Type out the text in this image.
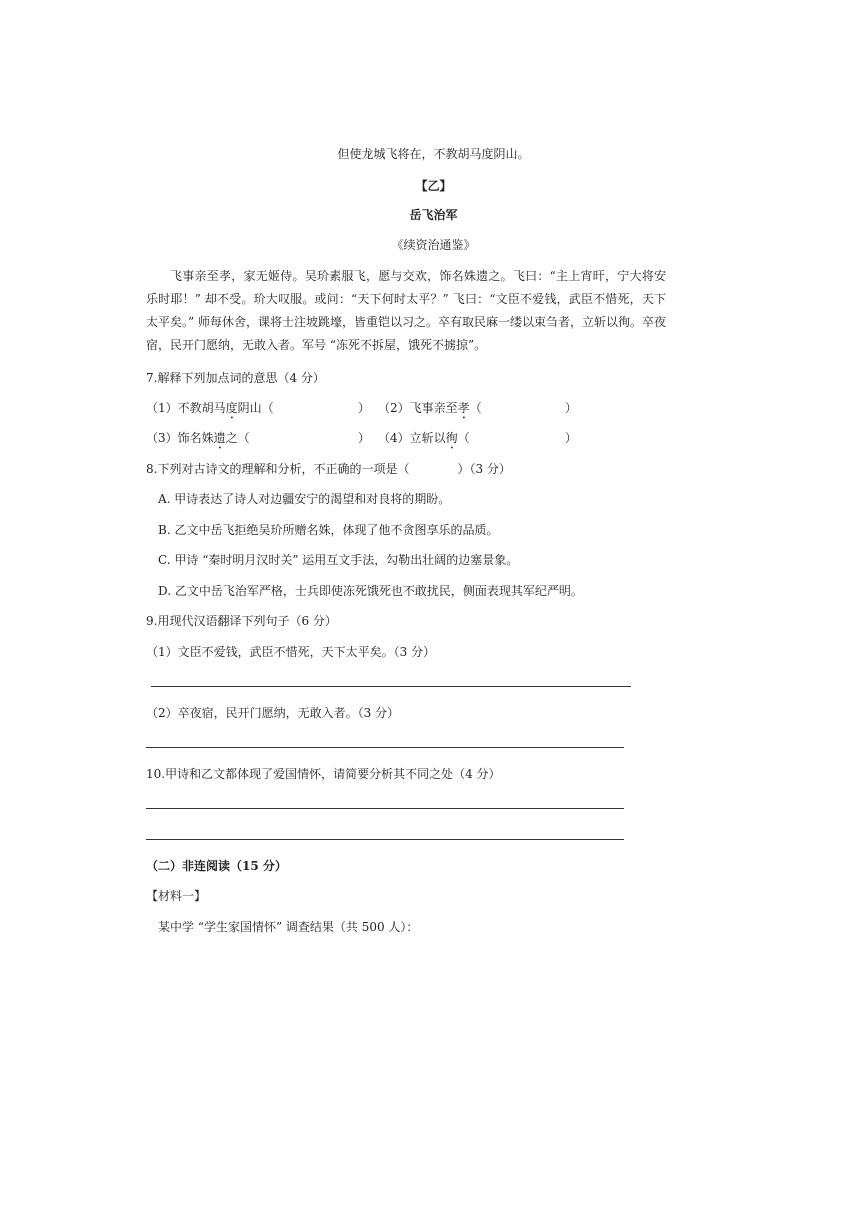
但使龙城飞将在，不教胡马度阴山。
【乙】
岳飞治军
《续资治通鉴》
飞事亲至孝，家无姬侍。吴玠素服飞，愿与交欢，饰名姝遗之。飞曰：“主上宵旰，宁大将安乐时耶！” 却不受。玠大叹服。或问：“天下何时太平？” 飞曰：“文臣不爱钱，武臣不惜死，天下太平矣。” 师每休舍，课将士注坡跳壕，皆重铠以习之。卒有取民麻一缕以束刍者，立斩以徇。卒夜宿，民开门愿纳，无敢入者。军号 “冻死不拆屋，饿死不掳掠”。
7.解释下列加点词的意思（4 分）
（1）不教胡马度阴山（	） （2）飞事亲至孝（	）
（3）饰名姝遗之（	） （4）立斩以徇（	）
8.下列对古诗文的理解和分析，不正确的一项是（	）（3 分）
A. 甲诗表达了诗人对边疆安宁的渴望和对良将的期盼。
B. 乙文中岳飞拒绝吴玠所赠名姝，体现了他不贪图享乐的品质。
C. 甲诗 “秦时明月汉时关” 运用互文手法，勾勒出壮阔的边塞景象。
D. 乙文中岳飞治军严格，士兵即使冻死饿死也不敢扰民，侧面表现其军纪严明。
9.用现代汉语翻译下列句子（6 分）
（1）文臣不爱钱，武臣不惜死，天下太平矣。（3 分）
（2）卒夜宿，民开门愿纳，无敢入者。（3 分）
10.甲诗和乙文都体现了爱国情怀，请简要分析其不同之处（4 分）
（二）非连阅读（15 分）
【材料一】
某中学 “学生家国情怀” 调查结果（共 500 人）：
